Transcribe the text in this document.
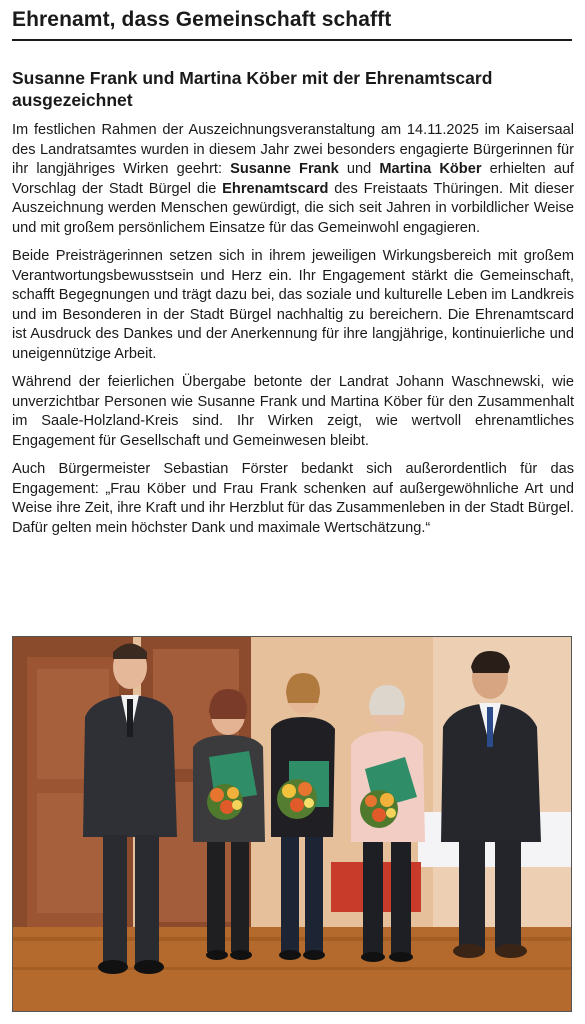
Ehrenamt, dass Gemeinschaft schafft
Susanne Frank und Martina Köber mit der Ehrenamtscard ausgezeichnet

Im festlichen Rahmen der Auszeichnungsveranstaltung am 14.11.2025 im Kaisersaal des Landratsamtes wurden in diesem Jahr zwei besonders engagierte Bürgerinnen für ihr langjähriges Wirken geehrt: Susanne Frank und Martina Köber erhielten auf Vorschlag der Stadt Bürgel die Ehrenamtscard des Freistaats Thüringen. Mit dieser Auszeichnung werden Menschen gewürdigt, die sich seit Jahren in vorbildlicher Weise und mit großem persönlichem Einsatze für das Gemeinwohl engagieren.

Beide Preisträgerinnen setzen sich in ihrem jeweiligen Wirkungsbereich mit großem Verantwortungsbewusstsein und Herz ein. Ihr Engagement stärkt die Gemeinschaft, schafft Begegnungen und trägt dazu bei, das soziale und kulturelle Leben im Landkreis und im Besonderen in der Stadt Bürgel nachhaltig zu bereichern. Die Ehrenamtscard ist Ausdruck des Dankes und der Anerkennung für ihre langjährige, kontinuierliche und uneigennützige Arbeit.

Während der feierlichen Übergabe betonte der Landrat Johann Waschnewski, wie unverzichtbar Personen wie Susanne Frank und Martina Köber für den Zusammenhalt im Saale-Holzland-Kreis sind. Ihr Wirken zeigt, wie wertvoll ehrenamtliches Engagement für Gesellschaft und Gemeinwesen bleibt.

Auch Bürgermeister Sebastian Förster bedankt sich außerordentlich für das Engagement: „Frau Köber und Frau Frank schenken auf außergewöhnliche Art und Weise ihre Zeit, ihre Kraft und ihr Herzblut für das Zusammenleben in der Stadt Bürgel. Dafür gelten mein höchster Dank und maximale Wertschätzung.“
